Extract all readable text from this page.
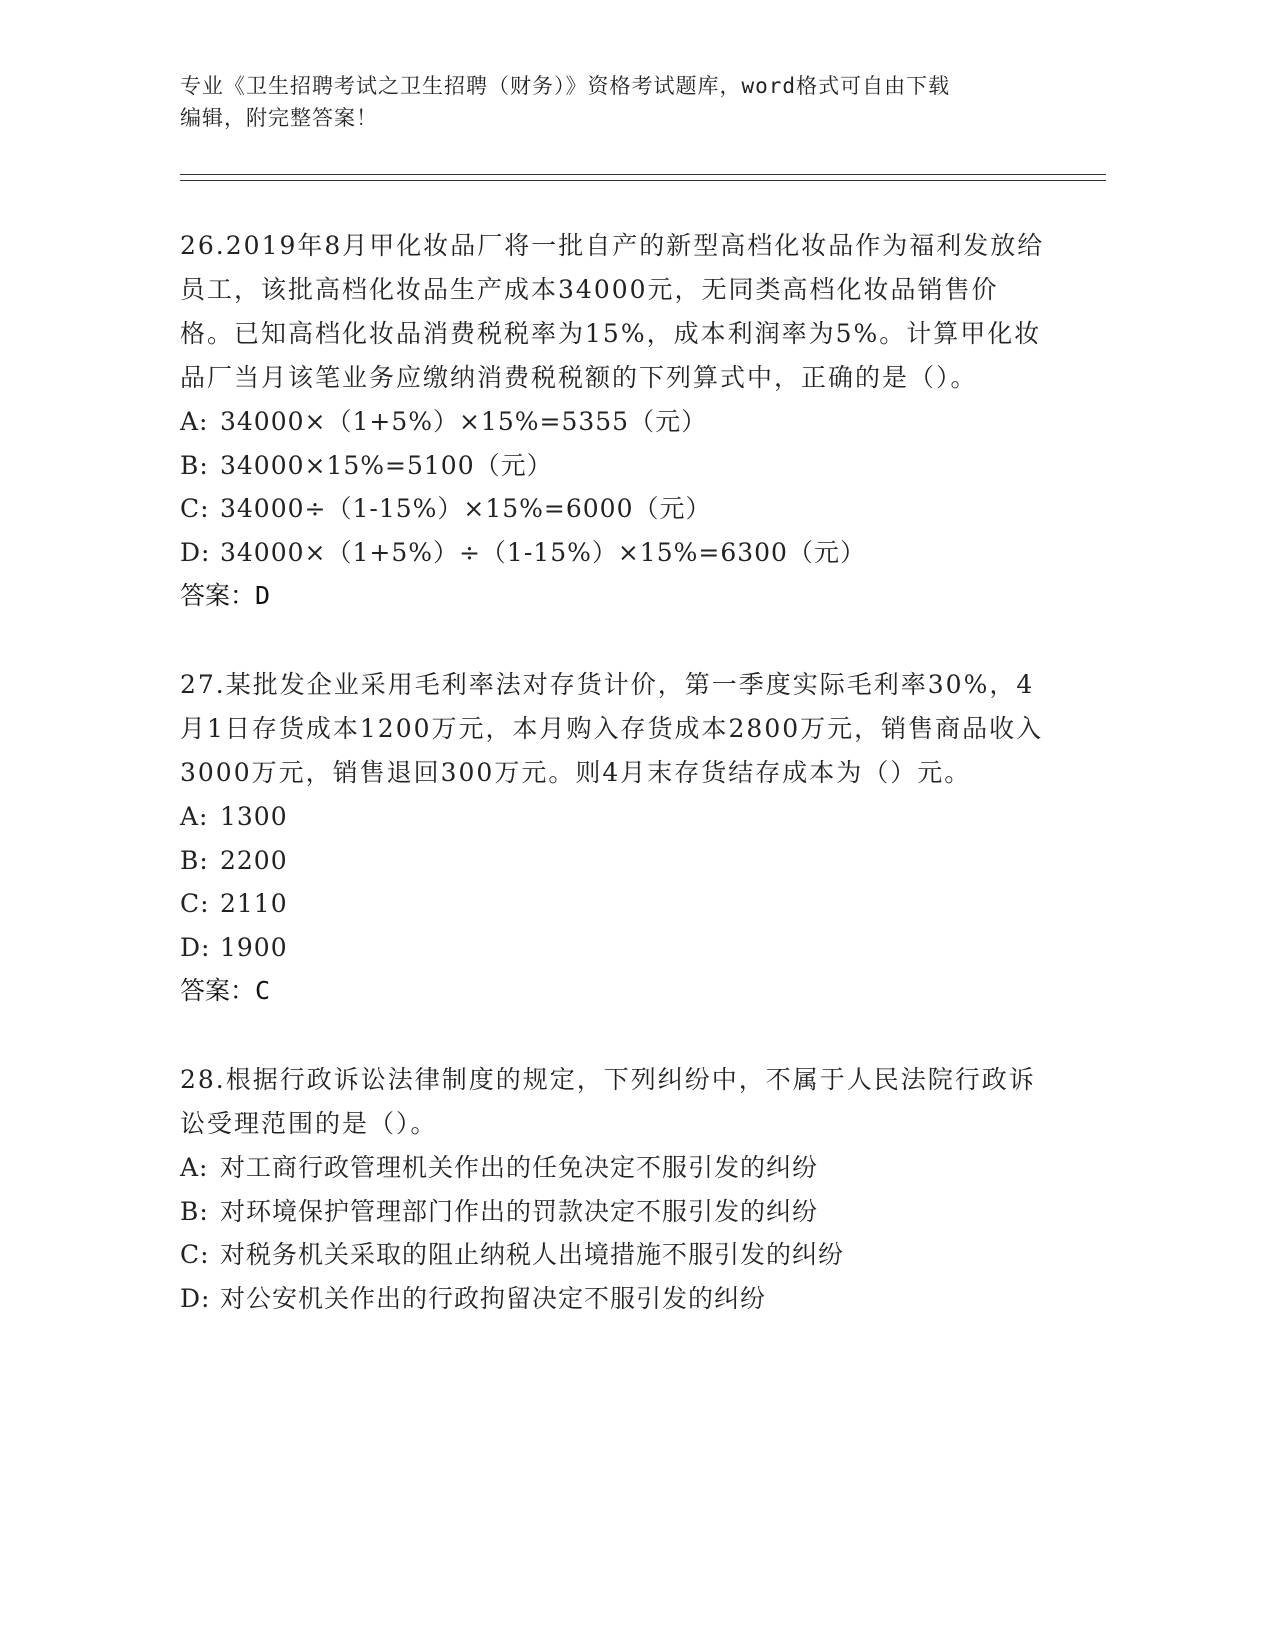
专业《卫生招聘考试之卫生招聘（财务）》资格考试题库，word格式可自由下载
编辑，附完整答案！

26.2019年8月甲化妆品厂将一批自产的新型高档化妆品作为福利发放给员工，该批高档化妆品生产成本34000元，无同类高档化妆品销售价格。已知高档化妆品消费税税率为15%，成本利润率为5%。计算甲化妆品厂当月该笔业务应缴纳消费税税额的下列算式中，正确的是（）。

A: 34000×（1+5%）×15%=5355（元）
B: 34000×15%=5100（元）
C: 34000÷（1-15%）×15%=6000（元）
D: 34000×（1+5%）÷（1-15%）×15%=6300（元）
答案：D

27.某批发企业采用毛利率法对存货计价，第一季度实际毛利率30%，4月1日存货成本1200万元，本月购入存货成本2800万元，销售商品收入3000万元，销售退回300万元。则4月末存货结存成本为（）元。

A: 1300
B: 2200
C: 2110
D: 1900
答案：C

28.根据行政诉讼法律制度的规定，下列纠纷中，不属于人民法院行政诉讼受理范围的是（）。

A: 对工商行政管理机关作出的任免决定不服引发的纠纷
B: 对环境保护管理部门作出的罚款决定不服引发的纠纷
C: 对税务机关采取的阻止纳税人出境措施不服引发的纠纷
D: 对公安机关作出的行政拘留决定不服引发的纠纷
